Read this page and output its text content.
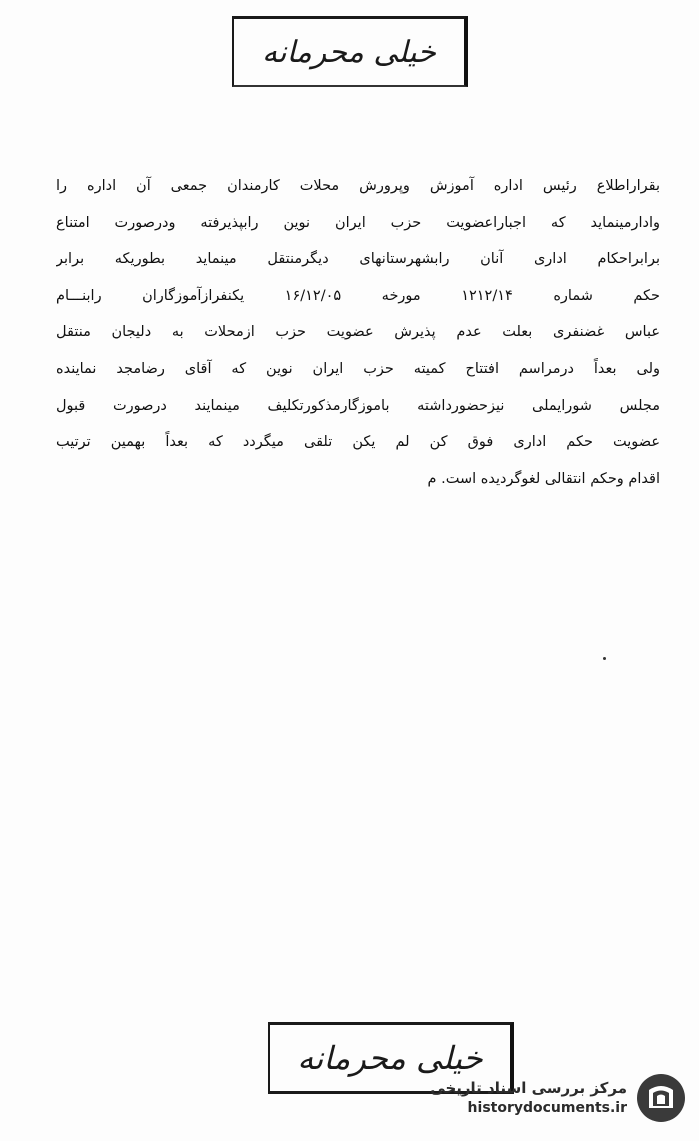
خیلی محرمانه
بقراراطلاع رئیس اداره آموزش وپرورش محلات کارمندان جمعی آن اداره را
وادارمینماید که اجباراعضویت حزب ایران نوین رابپذیرفته ودرصورت امتناع
برابراحکام اداری آنان رابشهرستانهای دیگرمنتقل مینماید بطوریکه برابر
حکم شماره ۱۲۱۲/۱۴ مورخه ۱۶/۱۲/۰۵ یکنفرازآموزگاران رابنـــام
عباس غضنفری بعلت عدم پذیرش عضویت حزب ازمحلات به دلیجان منتقل
ولی بعداً درمراسم افتتاح کمیته حزب ایران نوین که آقای رضامجد نماینده
مجلس شورایملی نیزحضورداشته باموزگارمذکورتکلیف مینمایند درصورت قبول
عضویت حکم اداری فوق کن لم یکن تلقی میگردد که بعداً بهمین ترتیب
اقدام وحکم انتقالی لغوگردیده است. م
خیلی محرمانه
مرکز بررسی اسناد تاریخی
historydocuments.ir
